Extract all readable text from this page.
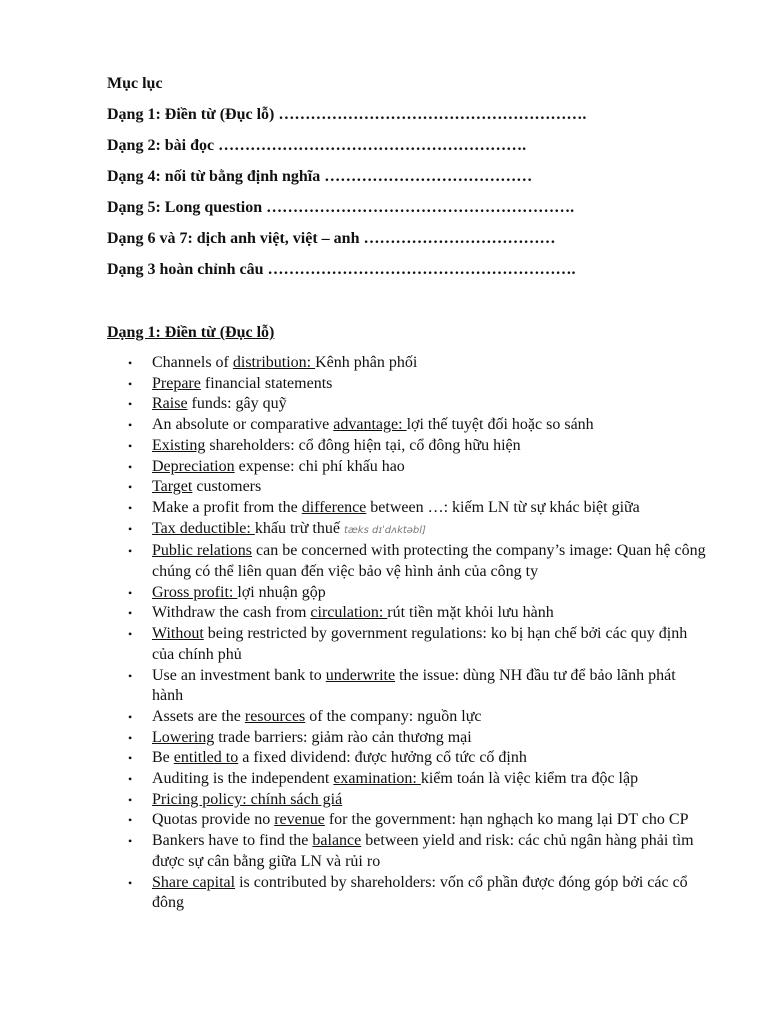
Mục lục
Dạng 1: Điền từ (Đục lỗ) ………………………………………………….
Dạng 2: bài đọc ………………………………………………….
Dạng 4: nối từ bằng định nghĩa …………………………………
Dạng 5: Long question ………………………………………………….
Dạng 6 và 7: dịch anh việt, việt – anh ………………………………
Dạng 3 hoàn chỉnh câu ………………………………………………….
Dạng 1: Điền từ (Đục lỗ)
• Channels of distribution: Kênh phân phối
• Prepare financial statements
• Raise funds: gây quỹ
• An absolute or comparative advantage: lợi thế tuyệt đối hoặc so sánh
• Existing shareholders: cổ đông hiện tại, cổ đông hữu hiện
• Depreciation expense: chi phí khấu hao
• Target customers
• Make a profit from the difference between …: kiếm LN từ sự khác biệt giữa
• Tax deductible: khấu trừ thuế tæks dɪˈdʌktəbl]
• Public relations can be concerned with protecting the company’s image: Quan hệ công chúng có thể liên quan đến việc bảo vệ hình ảnh của công ty
• Gross profit: lợi nhuận gộp
• Withdraw the cash from circulation: rút tiền mặt khỏi lưu hành
• Without being restricted by government regulations: ko bị hạn chế bởi các quy định của chính phủ
• Use an investment bank to underwrite the issue: dùng NH đầu tư để bảo lãnh phát hành
• Assets are the resources of the company: nguồn lực
• Lowering trade barriers: giảm rào cản thương mại
• Be entitled to a fixed dividend: được hưởng cổ tức cố định
• Auditing is the independent examination: kiểm toán là việc kiểm tra độc lập
• Pricing policy: chính sách giá
• Quotas provide no revenue for the government: hạn nghạch ko mang lại DT cho CP
• Bankers have to find the balance between yield and risk: các chủ ngân hàng phải tìm được sự cân bằng giữa LN và rủi ro
• Share capital is contributed by shareholders: vốn cổ phần được đóng góp bởi các cổ đông
